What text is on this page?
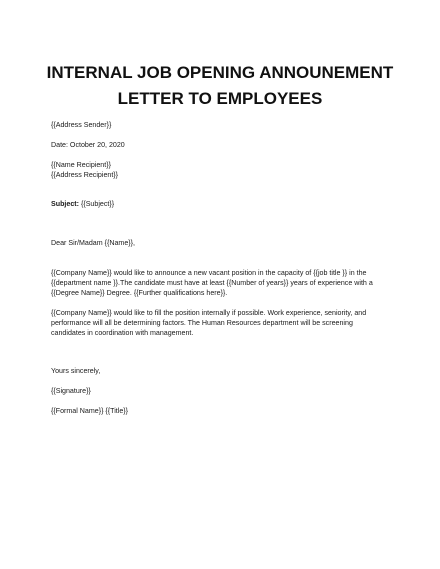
INTERNAL JOB OPENING ANNOUNEMENT
LETTER TO EMPLOYEES
{{Address Sender}}
Date: October 20, 2020
{{Name Recipient}}
{{Address Recipient}}
Subject: {{Subject}}
Dear Sir/Madam {{Name}},
{{Company Name}} would like to announce a new vacant position in the capacity of {{job title }} in the
{{department name }}.The candidate must have at least {{Number of years}} years of experience with a
{{Degree Name}} Degree. {{Further qualifications here}}.
{{Company Name}} would like to fill the position internally if possible. Work experience, seniority, and
performance will all be determining factors. The Human Resources department will be screening
candidates in coordination with management.
Yours sincerely,
{{Signature}}
{{Formal Name}} {{Title}}
